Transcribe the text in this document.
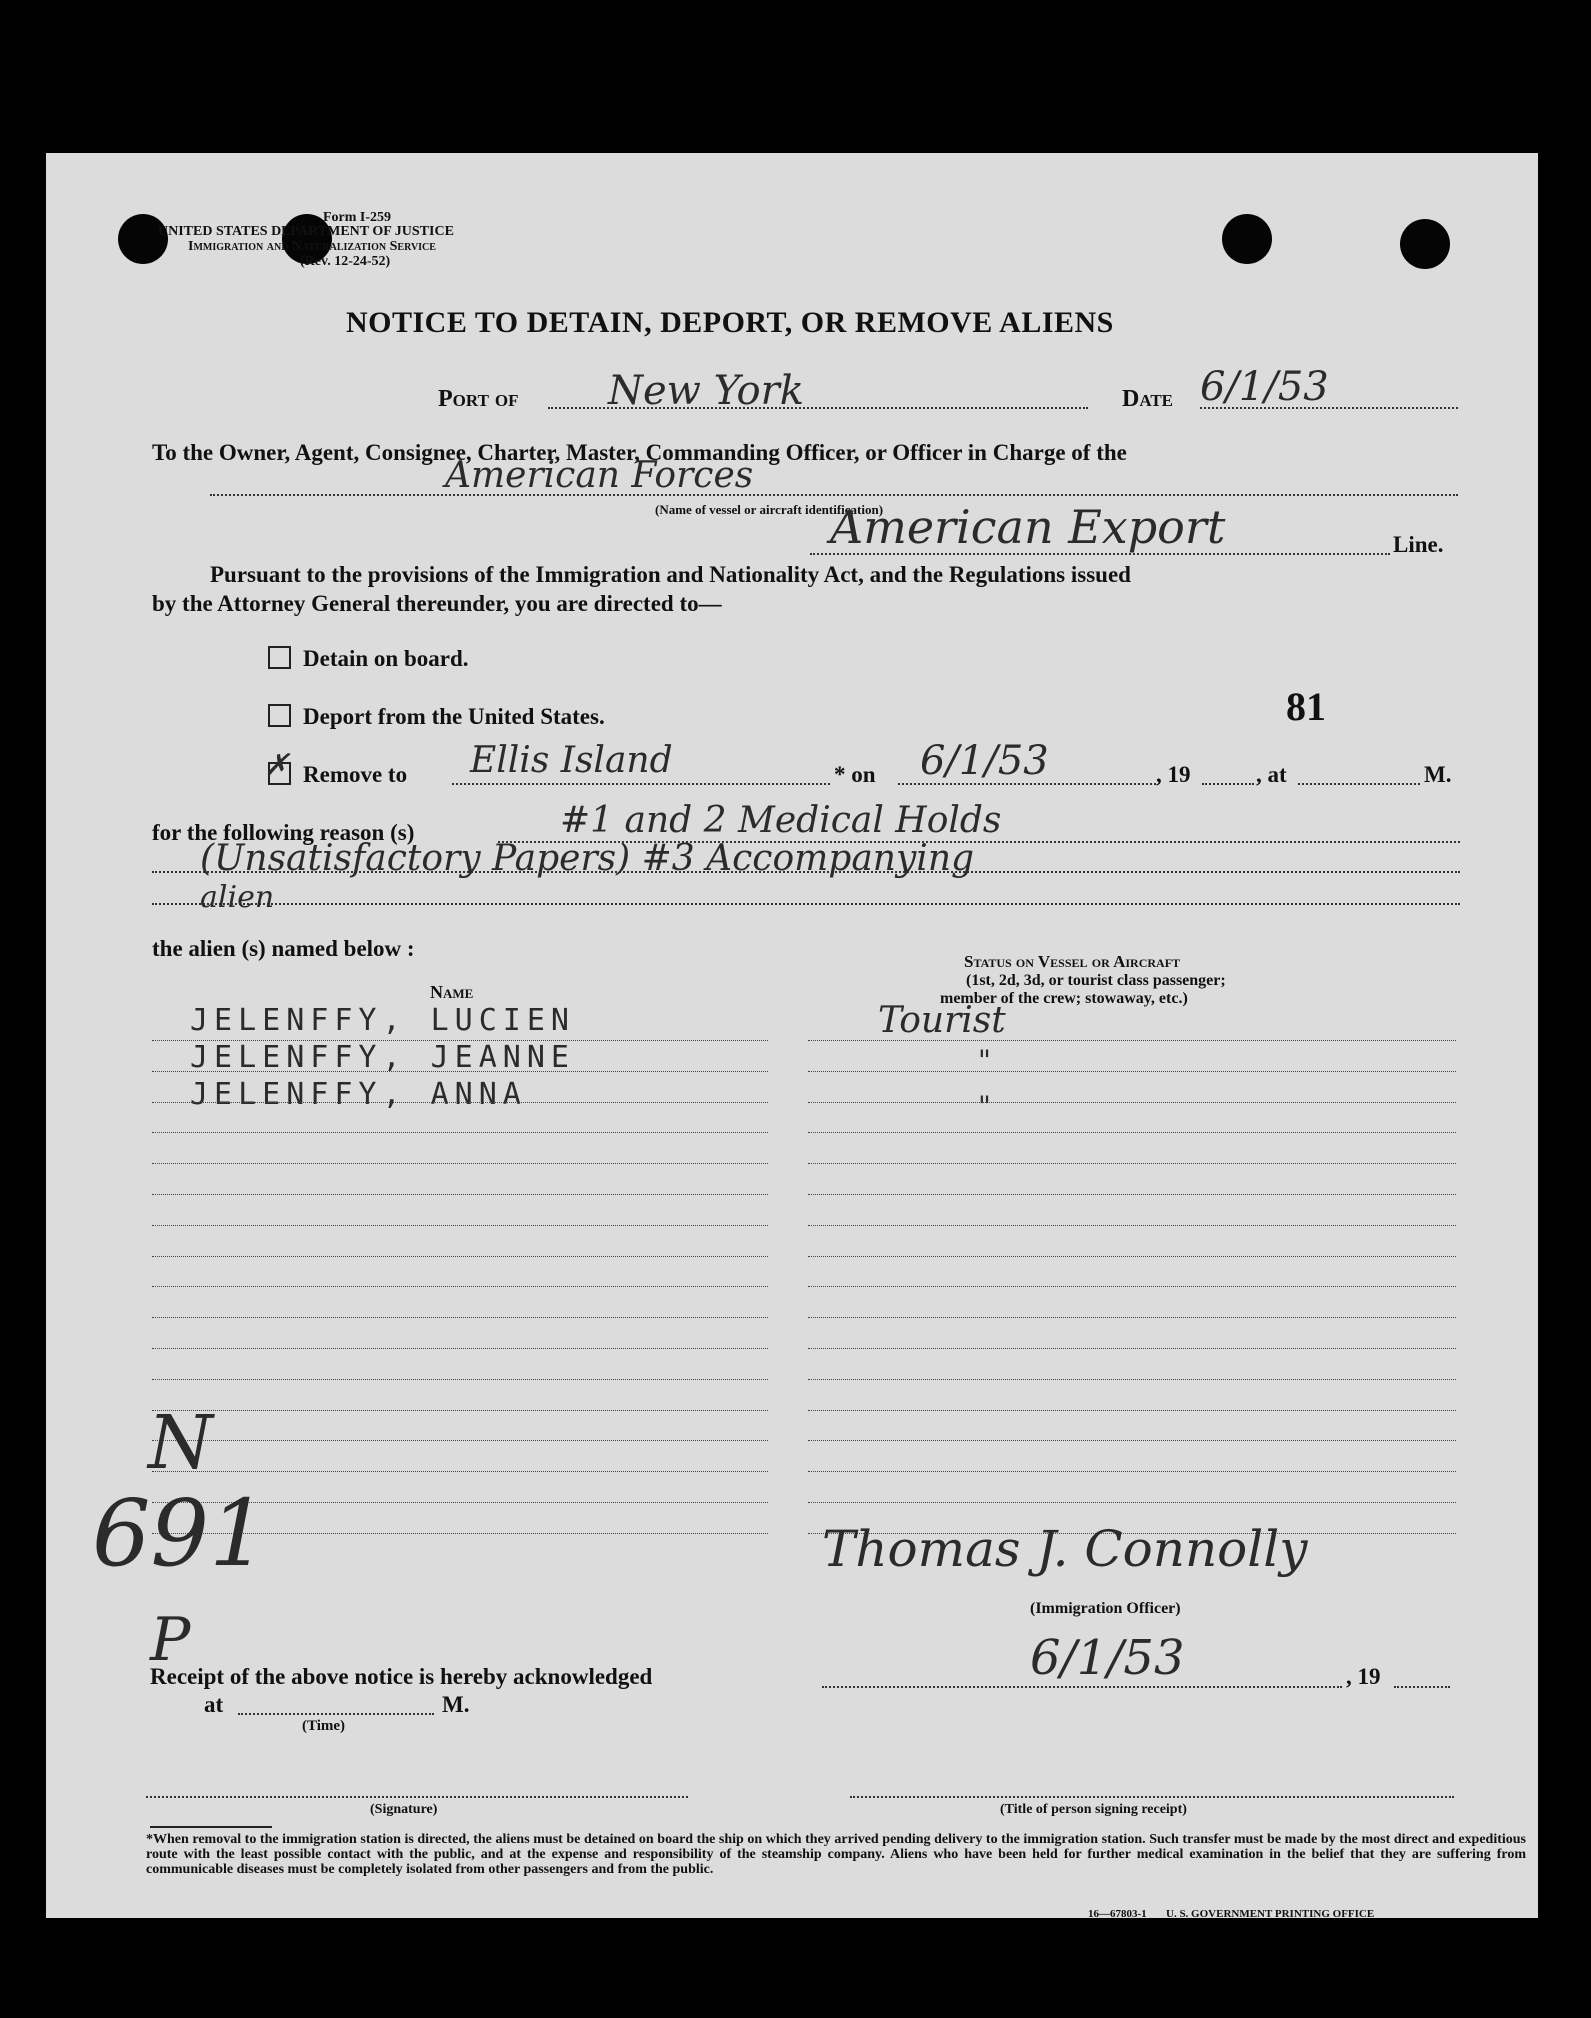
Form I-259
UNITED STATES DEPARTMENT OF JUSTICE
Immigration and Naturalization Service
(Rev. 12-24-52)
NOTICE TO DETAIN, DEPORT, OR REMOVE ALIENS
Port of New York	Date 6/1/53
To the Owner, Agent, Consignee, Charter, Master, Commanding Officer, or Officer in Charge of the
American Forces
(Name of vessel or aircraft identification)
American Export	Line.
Pursuant to the provisions of the Immigration and Nationality Act, and the Regulations issued
by the Attorney General thereunder, you are directed to—
Detain on board.
Deport from the United States.	81
✗ Remove to Ellis Island	* on 6/1/53	, 19	, at	M.
for the following reason (s)	#1 and 2 Medical Holds
(Unsatisfactory Papers) #3 Accompanying
alien
the alien (s) named below :
Name
Status on Vessel or Aircraft
(1st, 2d, 3d, or tourist class passenger;
member of the crew; stowaway, etc.)
JELENFFY, LUCIEN	Tourist
JELENFFY, JEANNE	"
JELENFFY, ANNA	"
N
691
P
Thomas J. Connolly
(Immigration Officer)
Receipt of the above notice is hereby acknowledged	6/1/53	, 19
at	M.
(Time)
(Signature)	(Title of person signing receipt)
*When removal to the immigration station is directed, the aliens must be detained on board the ship on which they arrived pending delivery to the immigration station. Such transfer must be made by the most direct and expeditious route with the least possible contact with the public, and at the expense and responsibility of the steamship company. Aliens who have been held for further medical examination in the belief that they are suffering from communicable diseases must be completely isolated from other passengers and from the public.
16—67803-1 U. S. GOVERNMENT PRINTING OFFICE
